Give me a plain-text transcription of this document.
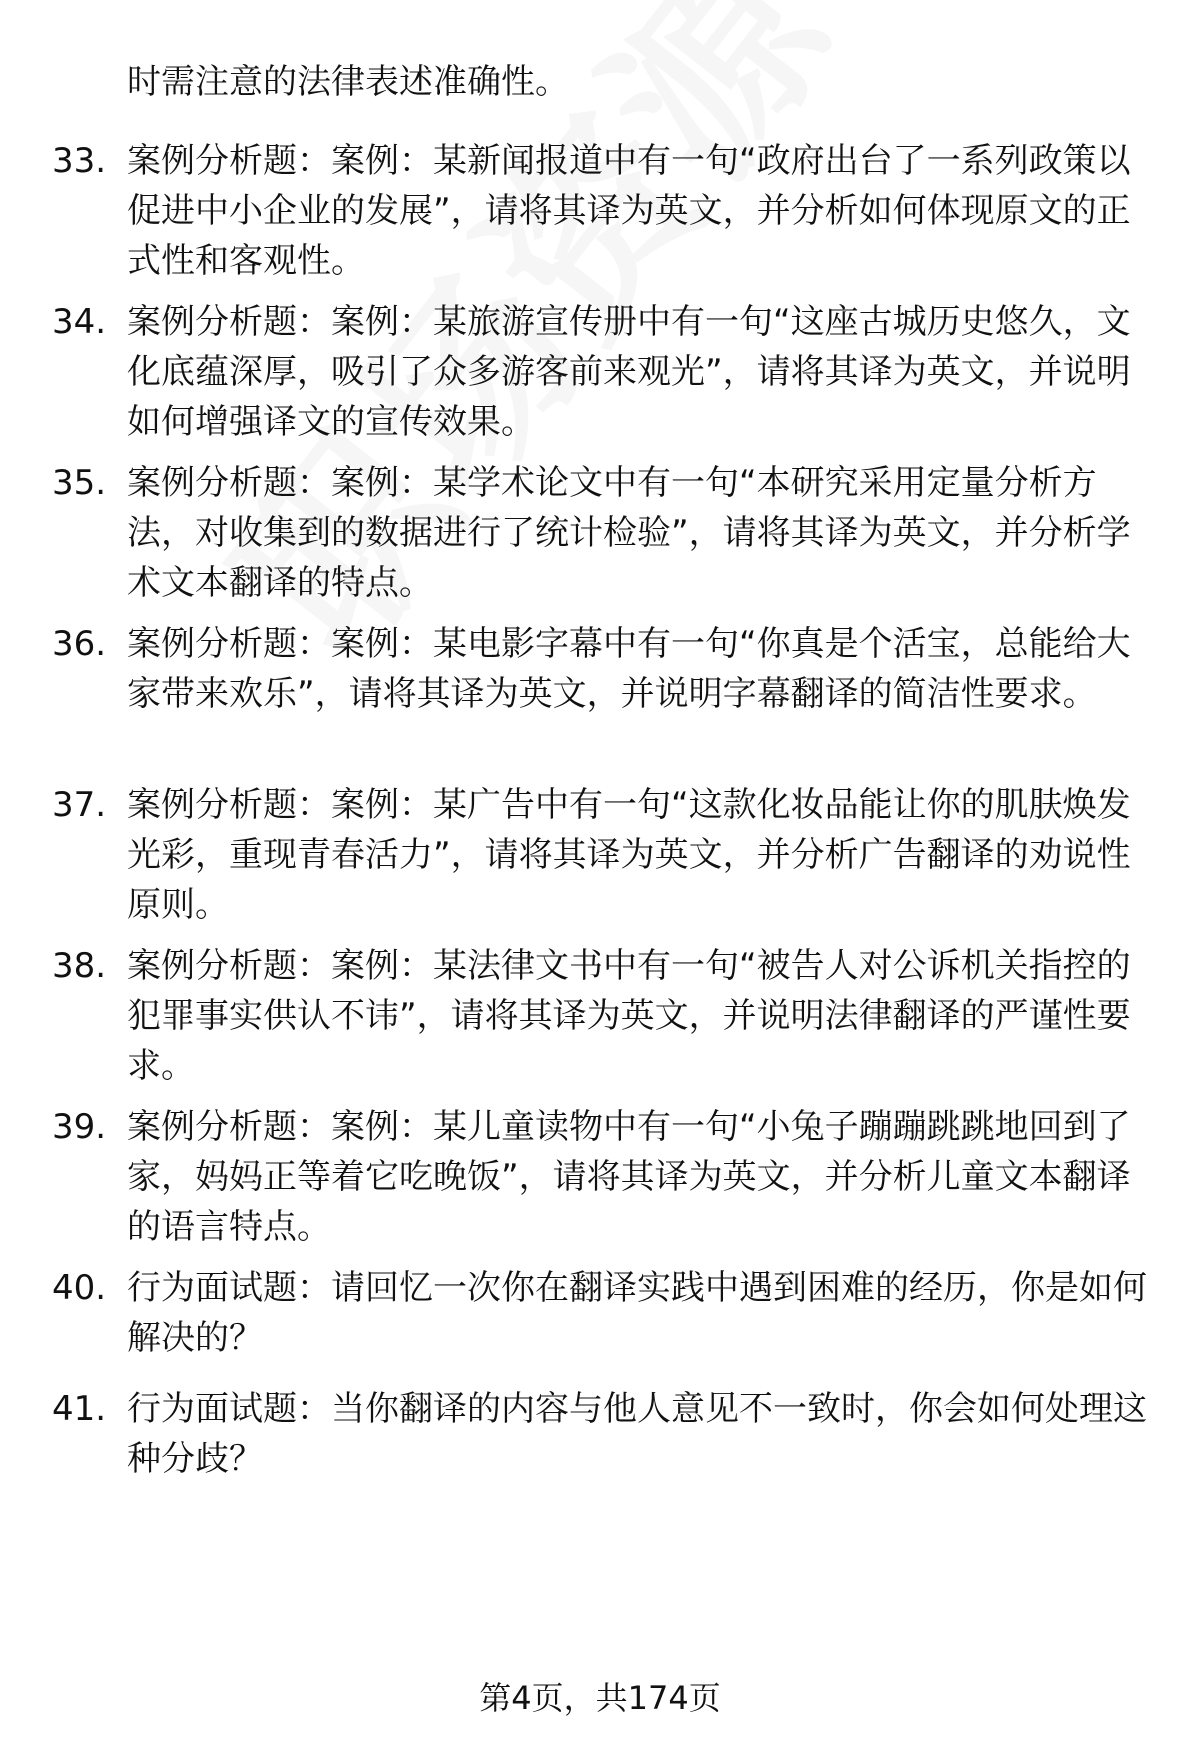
时需注意的法律表述准确性。
33. 案例分析题：案例：某新闻报道中有一句“政府出台了一系列政策以促进中小企业的发展”，请将其译为英文，并分析如何体现原文的正式性和客观性。

34. 案例分析题：案例：某旅游宣传册中有一句“这座古城历史悠久，文化底蕴深厚，吸引了众多游客前来观光”，请将其译为英文，并说明如何增强译文的宣传效果。

35. 案例分析题：案例：某学术论文中有一句“本研究采用定量分析方法，对收集到的数据进行了统计检验”，请将其译为英文，并分析学术文本翻译的特点。

36. 案例分析题：案例：某电影字幕中有一句“你真是个活宝，总能给大家带来欢乐”，请将其译为英文，并说明字幕翻译的简洁性要求。

37. 案例分析题：案例：某广告中有一句“这款化妆品能让你的肌肤焕发光彩，重现青春活力”，请将其译为英文，并分析广告翻译的劝说性原则。

38. 案例分析题：案例：某法律文书中有一句“被告人对公诉机关指控的犯罪事实供认不讳”，请将其译为英文，并说明法律翻译的严谨性要求。

39. 案例分析题：案例：某儿童读物中有一句“小兔子蹦蹦跳跳地回到了家，妈妈正等着它吃晚饭”，请将其译为英文，并分析儿童文本翻译的语言特点。

40. 行为面试题：请回忆一次你在翻译实践中遇到困难的经历，你是如何解决的？

41. 行为面试题：当你翻译的内容与他人意见不一致时，你会如何处理这种分歧？

第4页，共174页
